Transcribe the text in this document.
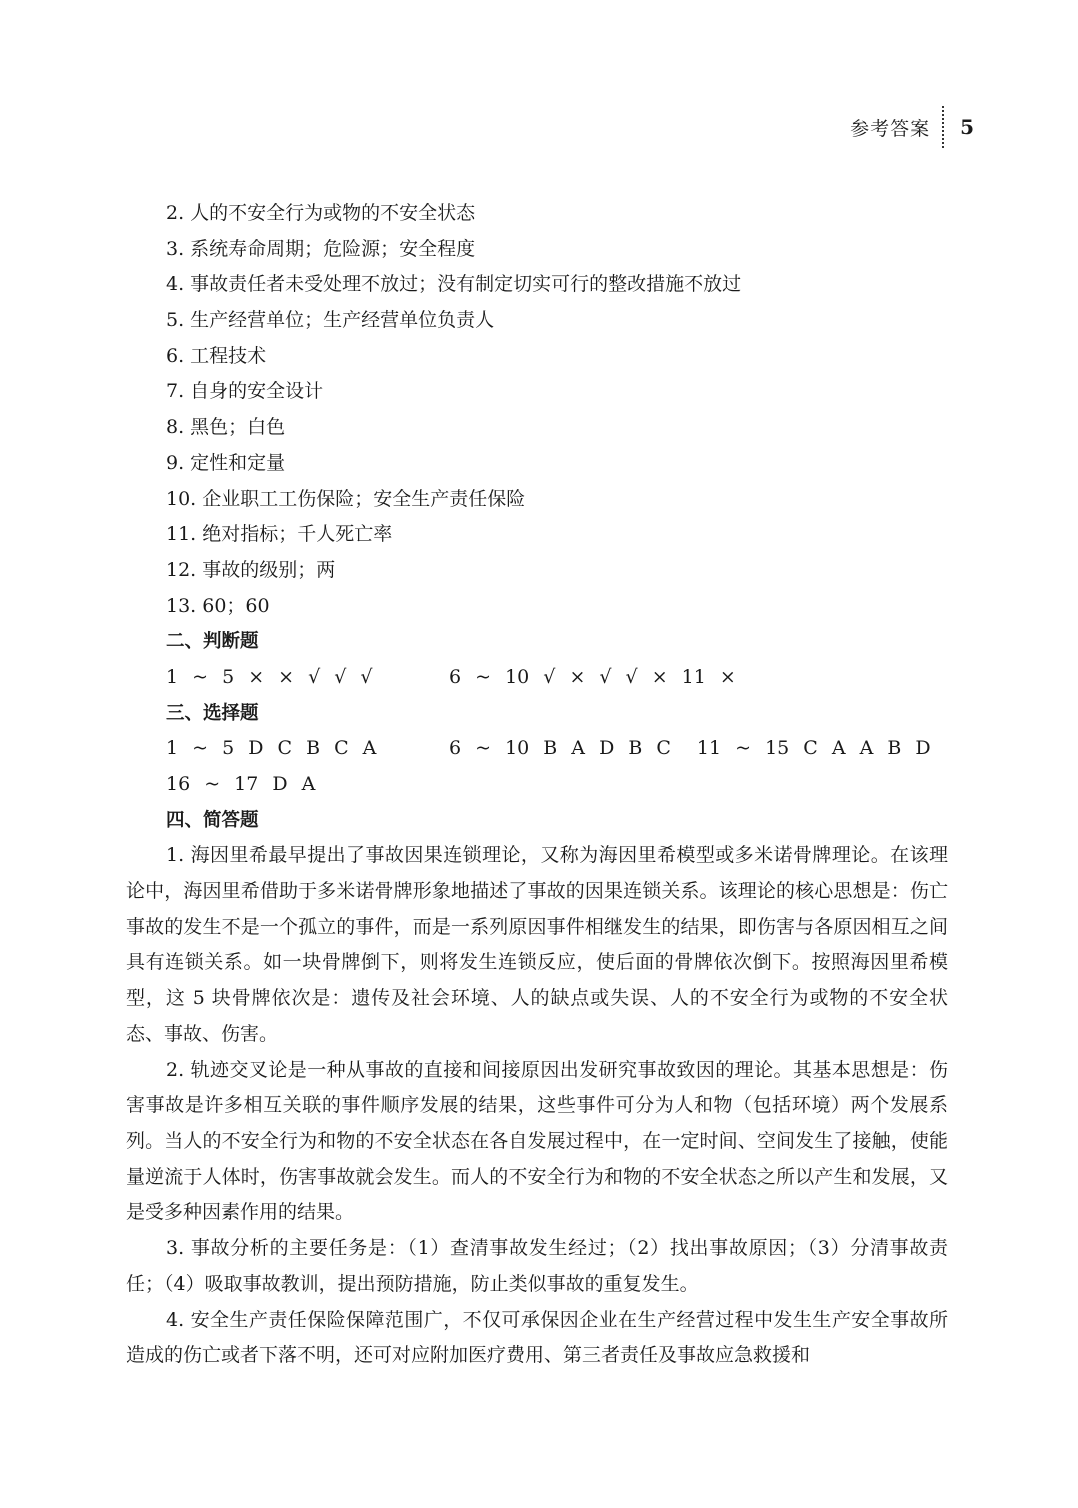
参考答案	5
2. 人的不安全行为或物的不安全状态
3. 系统寿命周期；危险源；安全程度
4. 事故责任者未受处理不放过；没有制定切实可行的整改措施不放过
5. 生产经营单位；生产经营单位负责人
6. 工程技术
7. 自身的安全设计
8. 黑色；白色
9. 定性和定量
10. 企业职工工伤保险；安全生产责任保险
11. 绝对指标；千人死亡率
12. 事故的级别；两
13. 60；60
二、判断题
1 ~ 5 × × √ √ √	6 ~ 10 √ × √ √ × 11 ×
三、选择题
1 ~ 5 D C B C A	6 ~ 10 B A D B C	11 ~ 15 C A A B D
16 ~ 17 D A
四、简答题

1. 海因里希最早提出了事故因果连锁理论，又称为海因里希模型或多米诺骨牌理论。在该理论中，海因里希借助于多米诺骨牌形象地描述了事故的因果连锁关系。该理论的核心思想是：伤亡事故的发生不是一个孤立的事件，而是一系列原因事件相继发生的结果，即伤害与各原因相互之间具有连锁关系。如一块骨牌倒下，则将发生连锁反应，使后面的骨牌依次倒下。按照海因里希模型，这 5 块骨牌依次是：遗传及社会环境、人的缺点或失误、人的不安全行为或物的不安全状态、事故、伤害。

2. 轨迹交叉论是一种从事故的直接和间接原因出发研究事故致因的理论。其基本思想是：伤害事故是许多相互关联的事件顺序发展的结果，这些事件可分为人和物（包括环境）两个发展系列。当人的不安全行为和物的不安全状态在各自发展过程中，在一定时间、空间发生了接触，使能量逆流于人体时，伤害事故就会发生。而人的不安全行为和物的不安全状态之所以产生和发展，又是受多种因素作用的结果。

3. 事故分析的主要任务是：（1）查清事故发生经过；（2）找出事故原因；（3）分清事故责任；（4）吸取事故教训，提出预防措施，防止类似事故的重复发生。

4. 安全生产责任保险保障范围广，不仅可承保因企业在生产经营过程中发生生产安全事故所造成的伤亡或者下落不明，还可对应附加医疗费用、第三者责任及事故应急救援和
